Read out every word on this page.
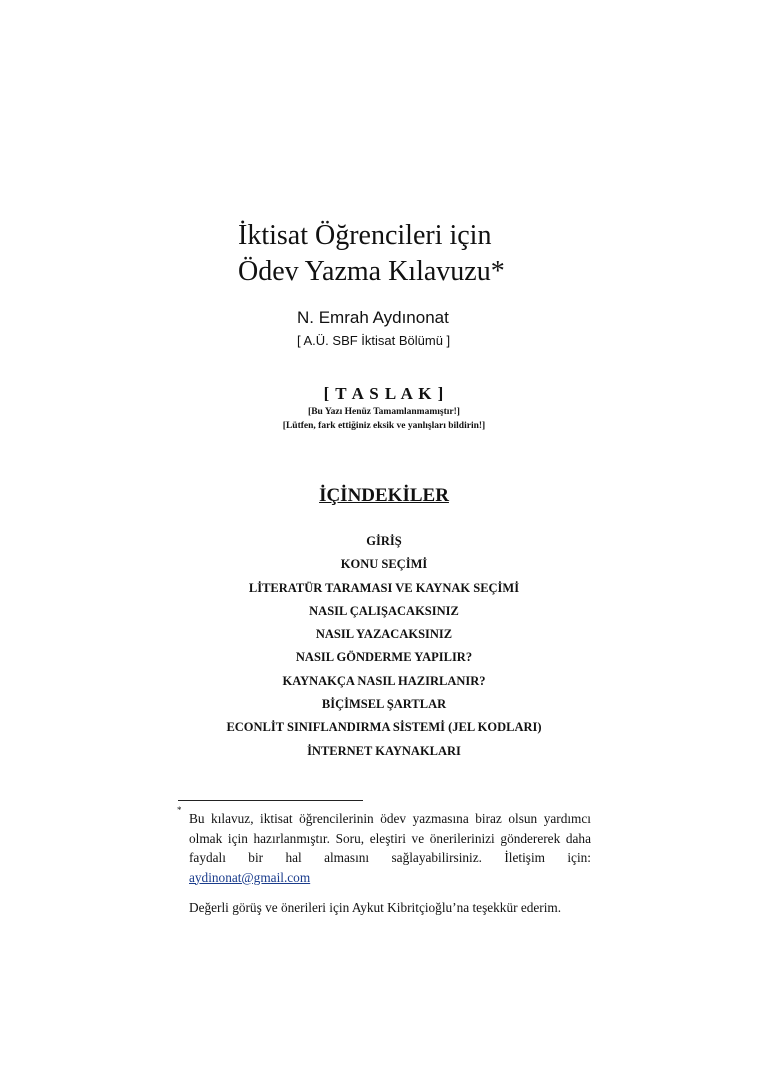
İktisat Öğrencileri için
Ödev Yazma Kılavuzu*
N. Emrah Aydınonat
[ A.Ü. SBF İktisat Bölümü ]
[ T A S L A K ]
[Bu Yazı Henüz Tamamlanmamıştır!]
[Lütfen, fark ettiğiniz eksik ve yanlışları bildirin!]
İÇİNDEKİLER
GİRİŞ
KONU SEÇİMİ
LİTERATÜR TARAMASI VE KAYNAK SEÇİMİ
NASIL ÇALIŞACAKSINIZ
NASIL YAZACAKSINIZ
NASIL GÖNDERME YAPILIR?
KAYNAKÇA NASIL HAZIRLANIR?
BİÇİMSEL ŞARTLAR
ECONLİT SINIFLANDIRMA SİSTEMİ (JEL KODLARI)
İNTERNET KAYNAKLARI
*
Bu kılavuz, iktisat öğrencilerinin ödev yazmasına biraz olsun yardımcı olmak için hazırlanmıştır. Soru, eleştiri ve önerilerinizi göndererek daha faydalı bir hal almasını sağlayabilirsiniz. İletişim için: aydinonat@gmail.com
Değerli görüş ve önerileri için Aykut Kibritçioğlu’na teşekkür ederim.
